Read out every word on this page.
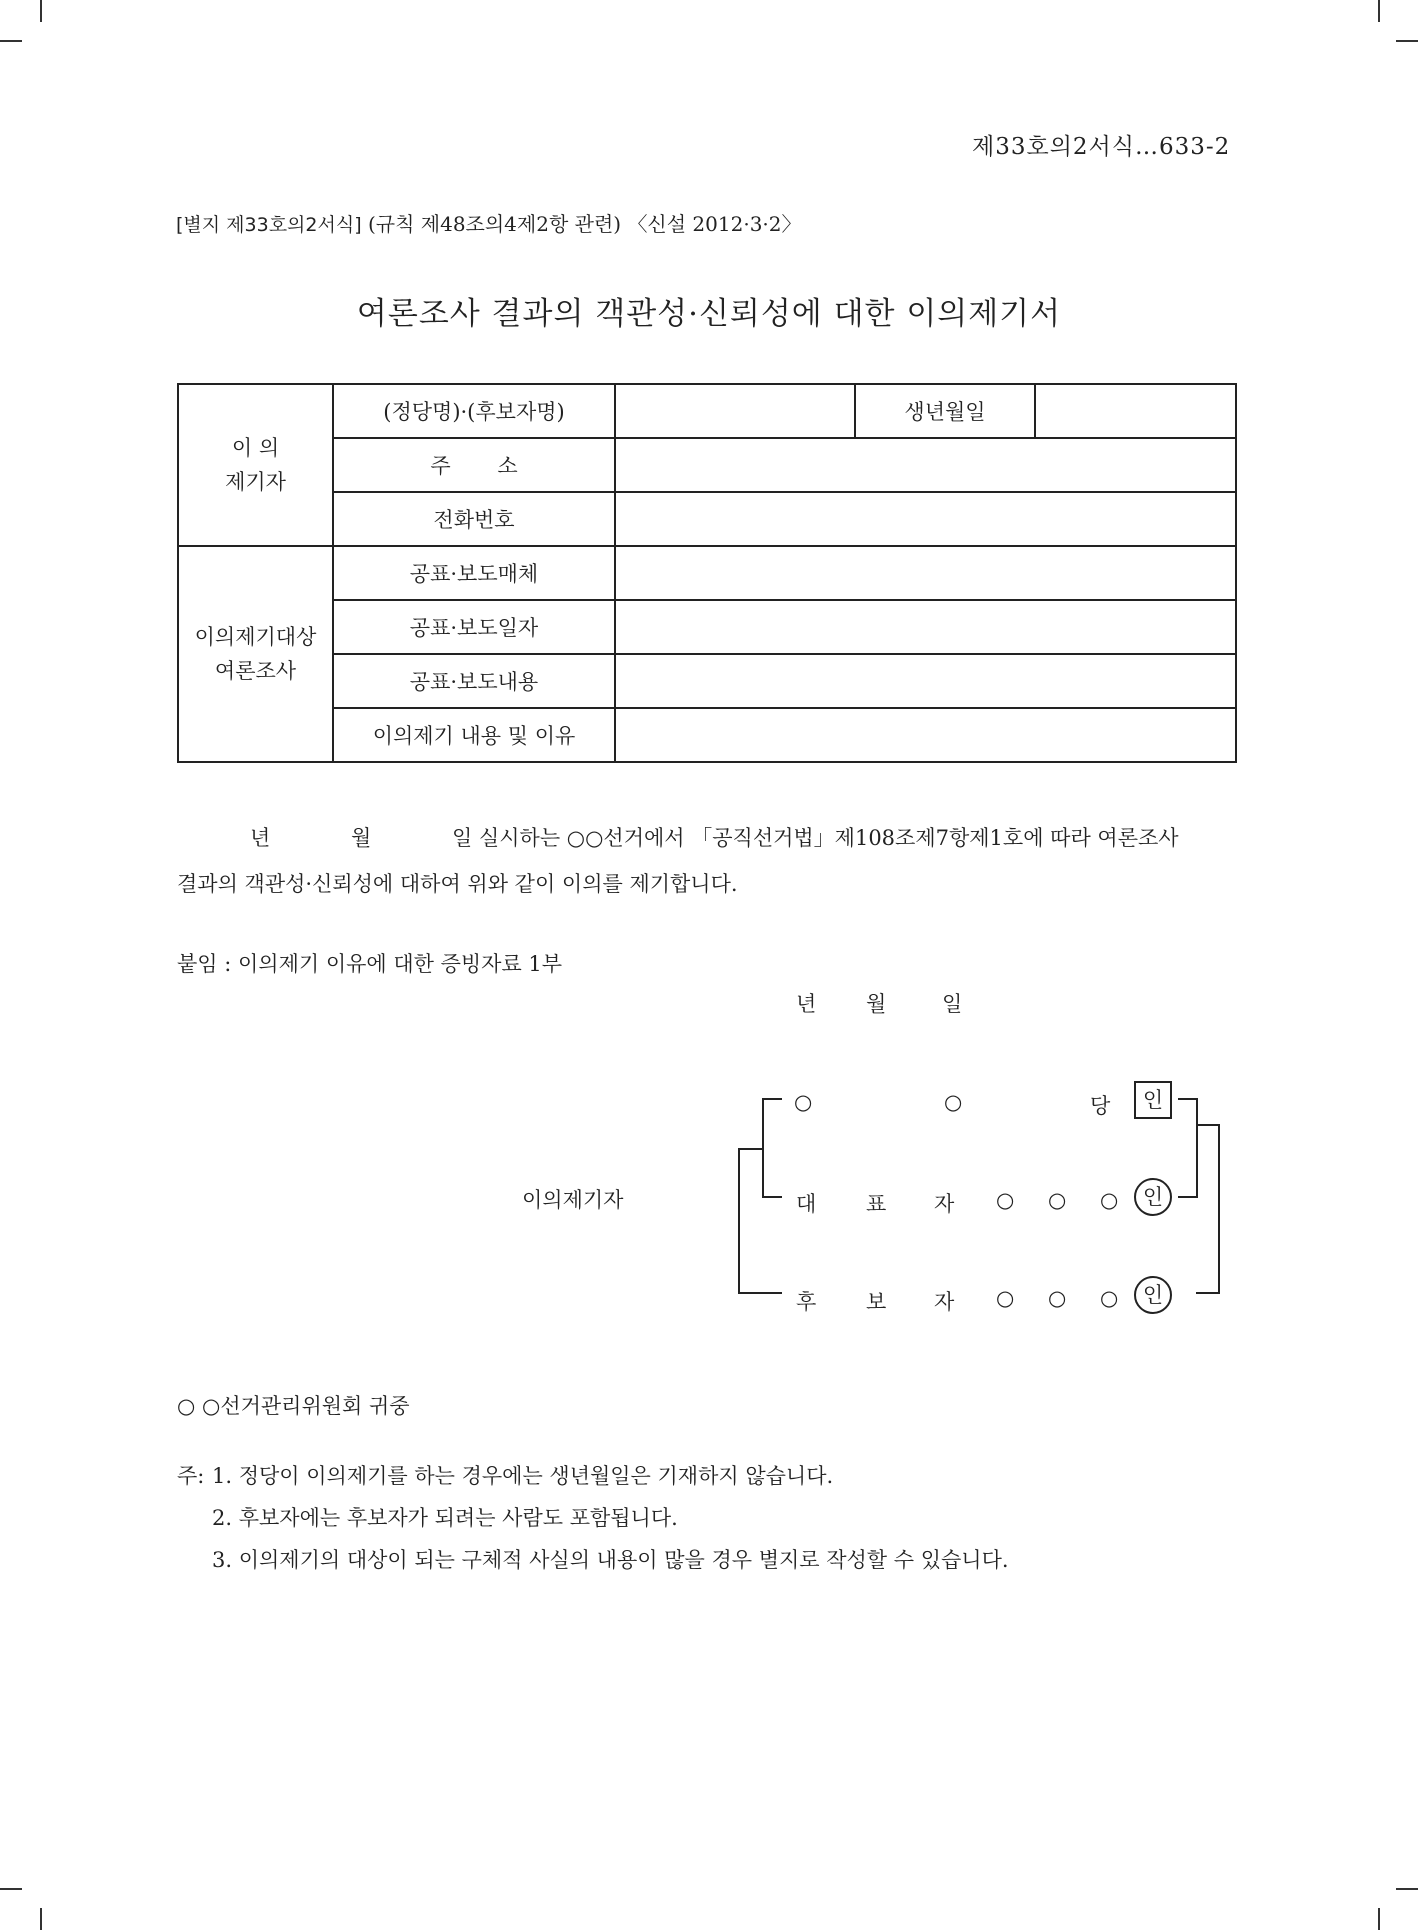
제33호의2서식…633-2
[별지 제33호의2서식] (규칙 제48조의4제2항 관련) 〈신설 2012·3·2〉
여론조사 결과의 객관성·신뢰성에 대한 이의제기서
이 의
제기자	(정당명)·(후보자명)		생년월일	
	주 소			
	전화번호			

이의제기대상
여론조사	공표·보도매체			
	공표·보도일자			
	공표·보도내용			
	이의제기 내용 및 이유			
년	월	일 실시하는 ○○선거에서 「공직선거법」제108조제7항제1호에 따라 여론조사
결과의 객관성·신뢰성에 대하여 위와 같이 이의를 제기합니다.
붙임 : 이의제기 이유에 대한 증빙자료 1부
년 월	일
이의제기자
○	○	당	인
대 표 자 ○ ○ ○	인
후 보 자 ○ ○ ○	인
○ ○선거관리위원회 귀중
주: 1. 정당이 이의제기를 하는 경우에는 생년월일은 기재하지 않습니다.
2. 후보자에는 후보자가 되려는 사람도 포함됩니다.
3. 이의제기의 대상이 되는 구체적 사실의 내용이 많을 경우 별지로 작성할 수 있습니다.
